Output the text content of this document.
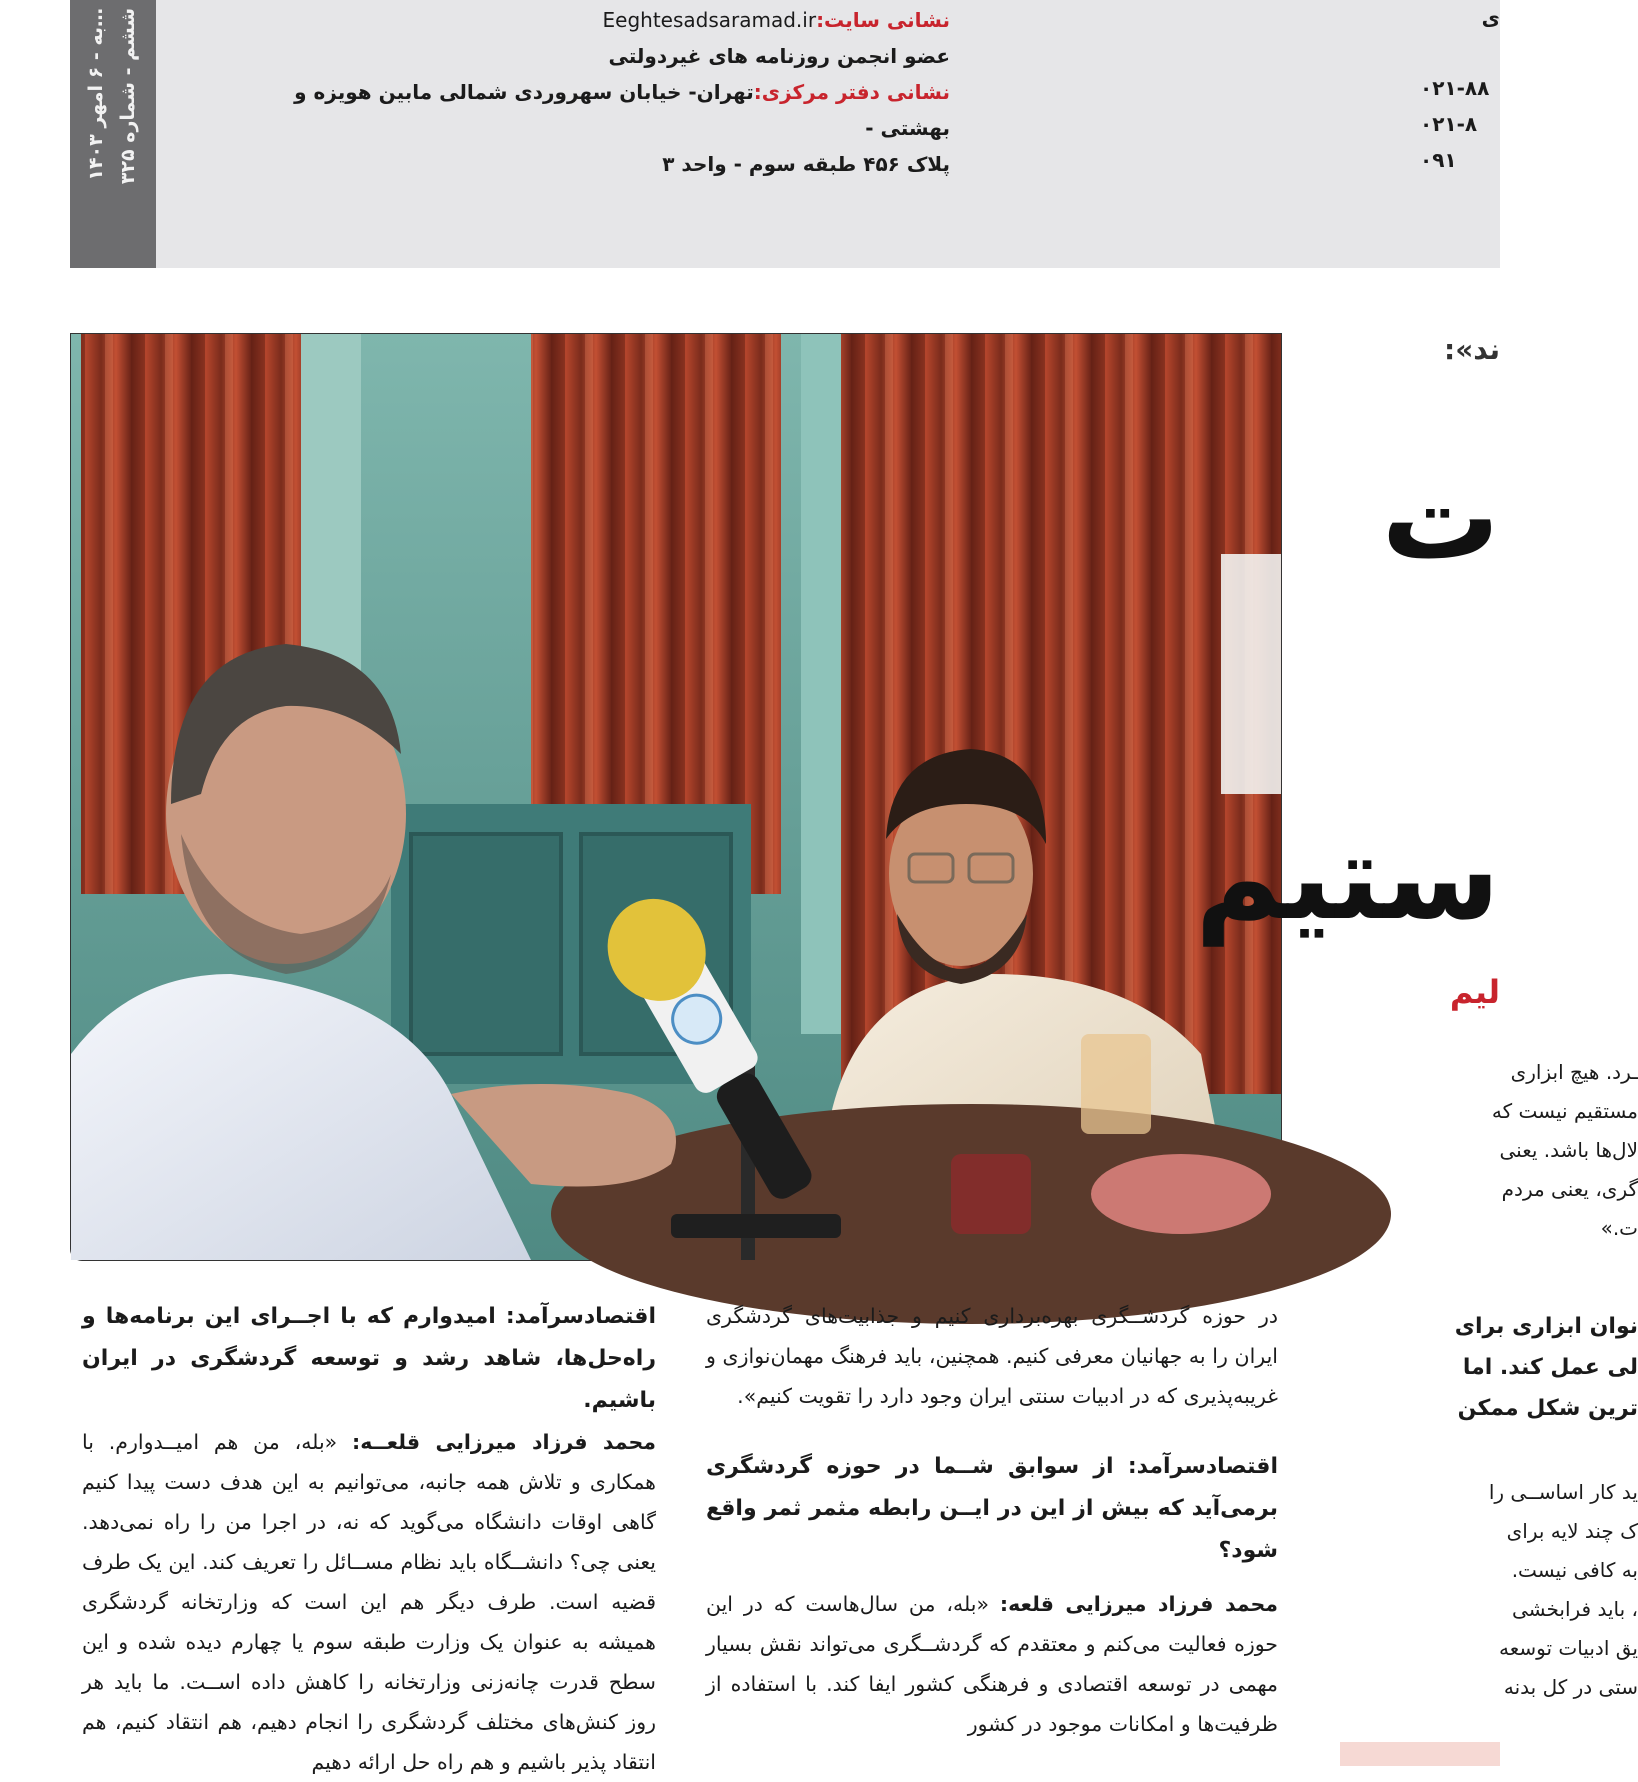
…به - ۶ امهر ۱۴۰۳
ششم - شماره ۳۲۵
نشانی سایت:Eeghtesadsaramad.ir
عضو انجمن روزنامه های غیردولتی
نشانی دفتر مرکزی:تهران- خیابان سهروردی شمالی مابین هویزه و بهشتی -
پلاک ۴۵۶ طبقه سوم - واحد ۳
۰۲۱-۸۸
۰۲۱-۸
۰۹۱
ی
ند»:
ت
ستیم
لیم
ـرد. هیچ ابزاری
مستقیم نیست که
لال‌ها باشد. یعنی
گری، یعنی مردم
ت.»
نوان ابزاری برای
لی عمل کند. اما
ترین شکل ممکن
ید کار اساســی را
ک چند لایه برای
به کافی نیست.
، باید فرابخشی
یق ادبیات توسعه
ستی در کل بدنه

در حوزه گردشــگری بهره‌برداری کنیم و جذابیت‌های گردشگری ایران را به جهانیان معرفی کنیم. همچنین، باید فرهنگ مهمان‌نوازی و غریبه‌پذیری که در ادبیات سنتی ایران وجود دارد را تقویت کنیم».

اقتصادسرآمد: از سوابق شــما در حوزه گردشگری برمی‌آید که بیش از این در ایــن رابطه مثمر ثمر واقع شود؟

محمد فرزاد میرزایی قلعه: «بله، من سال‌هاست که در این حوزه فعالیت می‌کنم و معتقدم که گردشــگری می‌تواند نقش بسیار مهمی در توسعه اقتصادی و فرهنگی کشور ایفا کند. با استفاده از ظرفیت‌ها و امکانات موجود در کشور

اقتصادسرآمد: امیدوارم که با اجــرای این برنامه‌ها و راه‌حل‌ها، شاهد رشد و توسعه گردشگری در ایران باشیم.

محمد فرزاد میرزایی قلعــه: «بله، من هم امیــدوارم. با همکاری و تلاش همه جانبه، می‌توانیم به این هدف دست پیدا کنیم گاهی اوقات دانشگاه می‌گوید که نه، در اجرا من را راه نمی‌دهد. یعنی چی؟ دانشــگاه باید نظام مســائل را تعریف کند. این یک طرف قضیه است. طرف دیگر هم این است که وزارتخانه گردشگری همیشه به عنوان یک وزارت طبقه سوم یا چهارم دیده شده و این سطح قدرت چانه‌زنی وزارتخانه را کاهش داده اســت. ما باید هر روز کنش‌های مختلف گردشگری را انجام دهیم، هم انتقاد کنیم، هم انتقاد پذیر باشیم و هم راه حل ارائه دهیم
